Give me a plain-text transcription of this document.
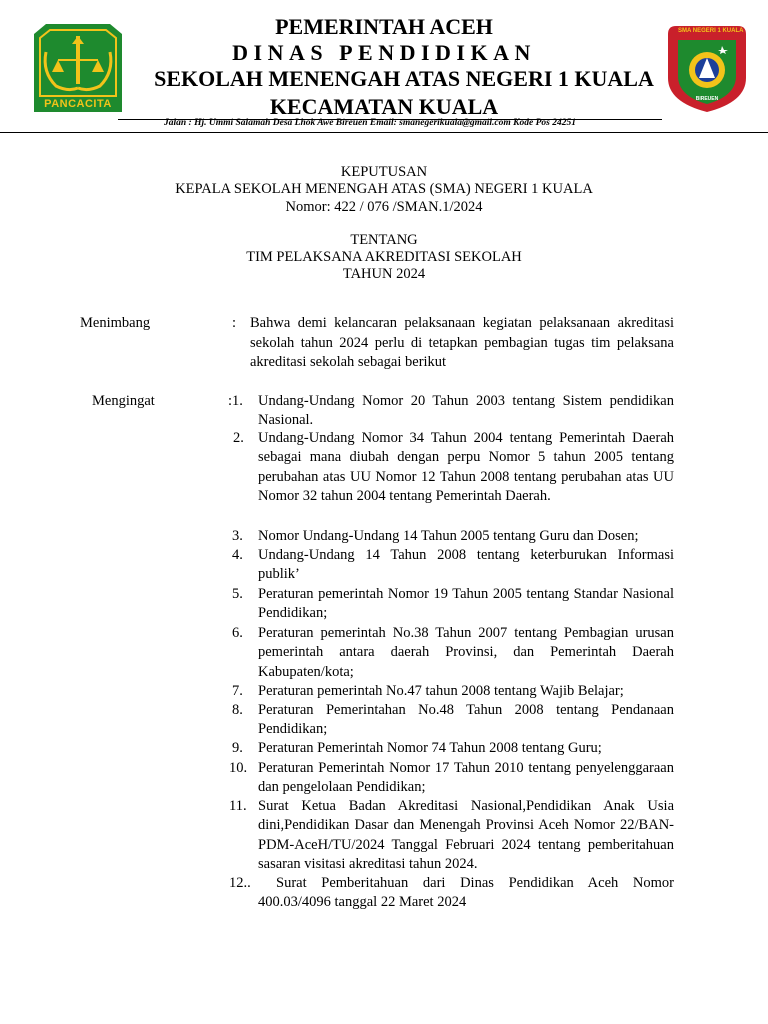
PANCACITA
SMA NEGERI 1 KUALA
BIREUEN
PEMERINTAH ACEH
DINAS PENDIDIKAN
SEKOLAH MENENGAH ATAS NEGERI 1 KUALA
KECAMATAN KUALA
Jalan : Hj. Ummi Salamah Desa Lhok Awe Bireuen Email: smanegerikuala@gmail.com Kode Pos 24251
KEPUTUSAN
KEPALA SEKOLAH MENENGAH ATAS (SMA) NEGERI 1 KUALA
Nomor: 422 / 076 /SMAN.1/2024
TENTANG
TIM PELAKSANA AKREDITASI SEKOLAH
TAHUN 2024
Menimbang	: Bahwa demi kelancaran pelaksanaan kegiatan pelaksanaan akreditasi sekolah tahun 2024 perlu di tetapkan pembagian tugas tim pelaksana akreditasi sekolah sebagai berikut
Mengingat	:1. Undang-Undang Nomor 20 Tahun 2003 tentang Sistem pendidikan Nasional.
2. Undang-Undang Nomor 34 Tahun 2004 tentang Pemerintah Daerah sebagai mana diubah dengan perpu Nomor 5 tahun 2005 tentang perubahan atas UU Nomor 12 Tahun 2008 tentang perubahan atas UU Nomor 32 tahun 2004 tentang Pemerintah Daerah.
3. Nomor Undang-Undang 14 Tahun 2005 tentang Guru dan Dosen;
4. Undang-Undang 14 Tahun 2008 tentang keterburukan Informasi publik’
5. Peraturan pemerintah Nomor 19 Tahun 2005 tentang Standar Nasional Pendidikan;
6. Peraturan pemerintah No.38 Tahun 2007 tentang Pembagian urusan pemerintah antara daerah Provinsi, dan Pemerintah Daerah Kabupaten/kota;
7. Peraturan pemerintah No.47 tahun 2008 tentang Wajib Belajar;
8. Peraturan Pemerintahan No.48 Tahun 2008 tentang Pendanaan Pendidikan;
9. Peraturan Pemerintah Nomor 74 Tahun 2008 tentang Guru;
10. Peraturan Pemerintah Nomor 17 Tahun 2010 tentang penyelenggaraan dan pengelolaan Pendidikan;
11. Surat Ketua Badan Akreditasi Nasional,Pendidikan Anak Usia dini,Pendidikan Dasar dan Menengah Provinsi Aceh Nomor 22/BAN-PDM-AceH/TU/2024 Tanggal Februari 2024 tentang pemberitahuan sasaran visitasi akreditasi tahun 2024.
12..	Surat Pemberitahuan dari Dinas Pendidikan Aceh Nomor 400.03/4096 tanggal 22 Maret 2024
